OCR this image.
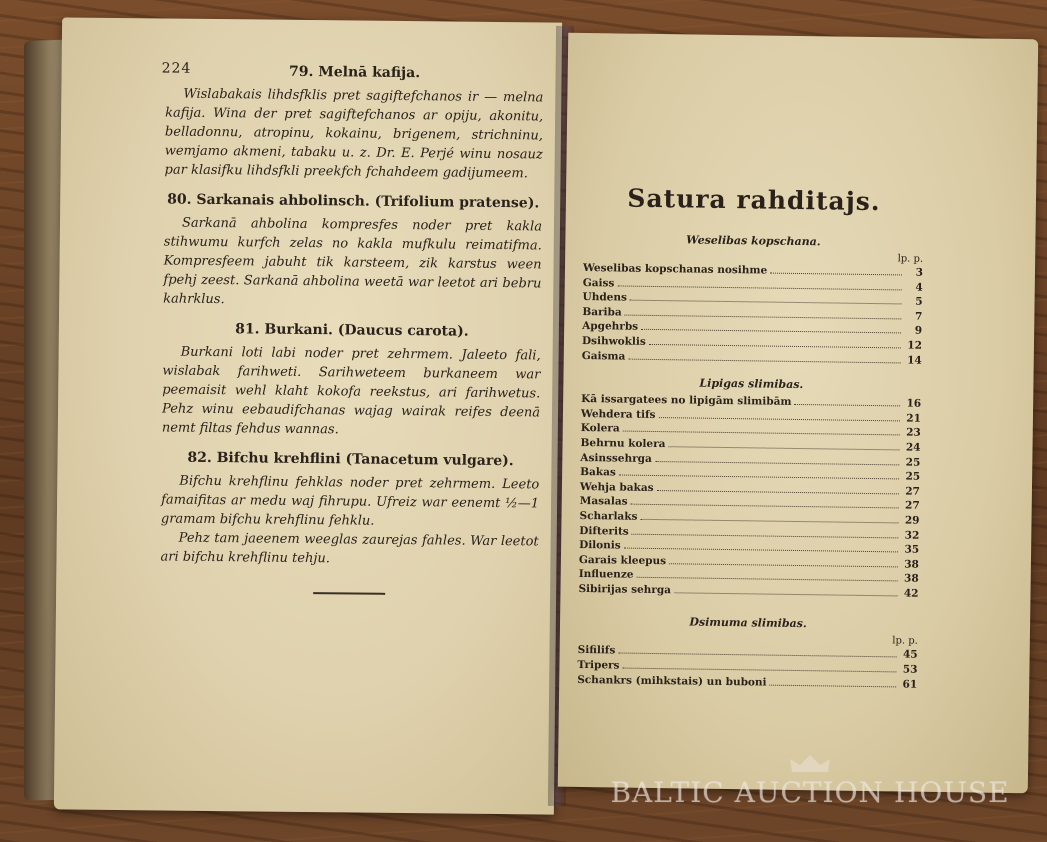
224	79. Melnā kafija.

Wislabakais lihdsfklis pret sagiftefchanos ir — melna kafija. Wina der pret sagiftefchanos ar opiju, akonitu, belladonnu, atropinu, kokainu, brigenem, strichninu, wemjamo akmeni, tabaku u. z. Dr. E. Perjé winu nosauz par klasifku lihdsfkli preekfch fchahdeem gadijumeem.

80. Sarkanais ahbolinsch. (Trifolium pratense).

Sarkanā ahbolina kompresfes noder pret kakla stihwumu kurfch zelas no kakla mufkulu reimatifma. Kompresfeem jabuht tik karsteem, zik karstus ween fpehj zeest. Sarkanā ahbolina weetā war leetot ari bebru kahrklus.

81. Burkani. (Daucus carota).

Burkani loti labi noder pret zehrmem. Jaleeto fali, wislabak farihweti. Sarihweteem burkaneem war peemaisit wehl klaht kokofa reekstus, ari farihwetus. Pehz winu eebaudifchanas wajag wairak reifes deenā nemt filtas fehdus wannas.

82. Bifchu krehflini (Tanacetum vulgare).

Bifchu krehflinu fehklas noder pret zehrmem. Leeto famaifitas ar medu waj fihrupu. Ufreiz war eenemt ½—1 gramam bifchu krehflinu fehklu.

Pehz tam jaeenem weeglas zaurejas fahles. War leetot ari bifchu krehflinu tehju.

Satura rahditajs.

Weselibas kopschana.

lp. p.

Weselibas kopschanas nosihme	3
Gaiss	4
Uhdens	5
Bariba	7
Apgehrbs	9
Dsihwoklis	12
Gaisma	14

Lipigas slimibas.

Kā issargatees no lipigām slimibām	16
Wehdera tifs	21
Kolera	23
Behrnu kolera	24
Asinssehrga	25
Bakas	25
Wehja bakas	27
Masalas	27
Scharlaks	29
Difterits	32
Dilonis	35
Garais kleepus	38
Influenze	38
Sibirijas sehrga	42

Dsimuma slimibas.

lp. p.

Sifilifs	45
Tripers	53
Schankrs (mihkstais) un buboni	61
BALTIC AUCTION HOUSE
